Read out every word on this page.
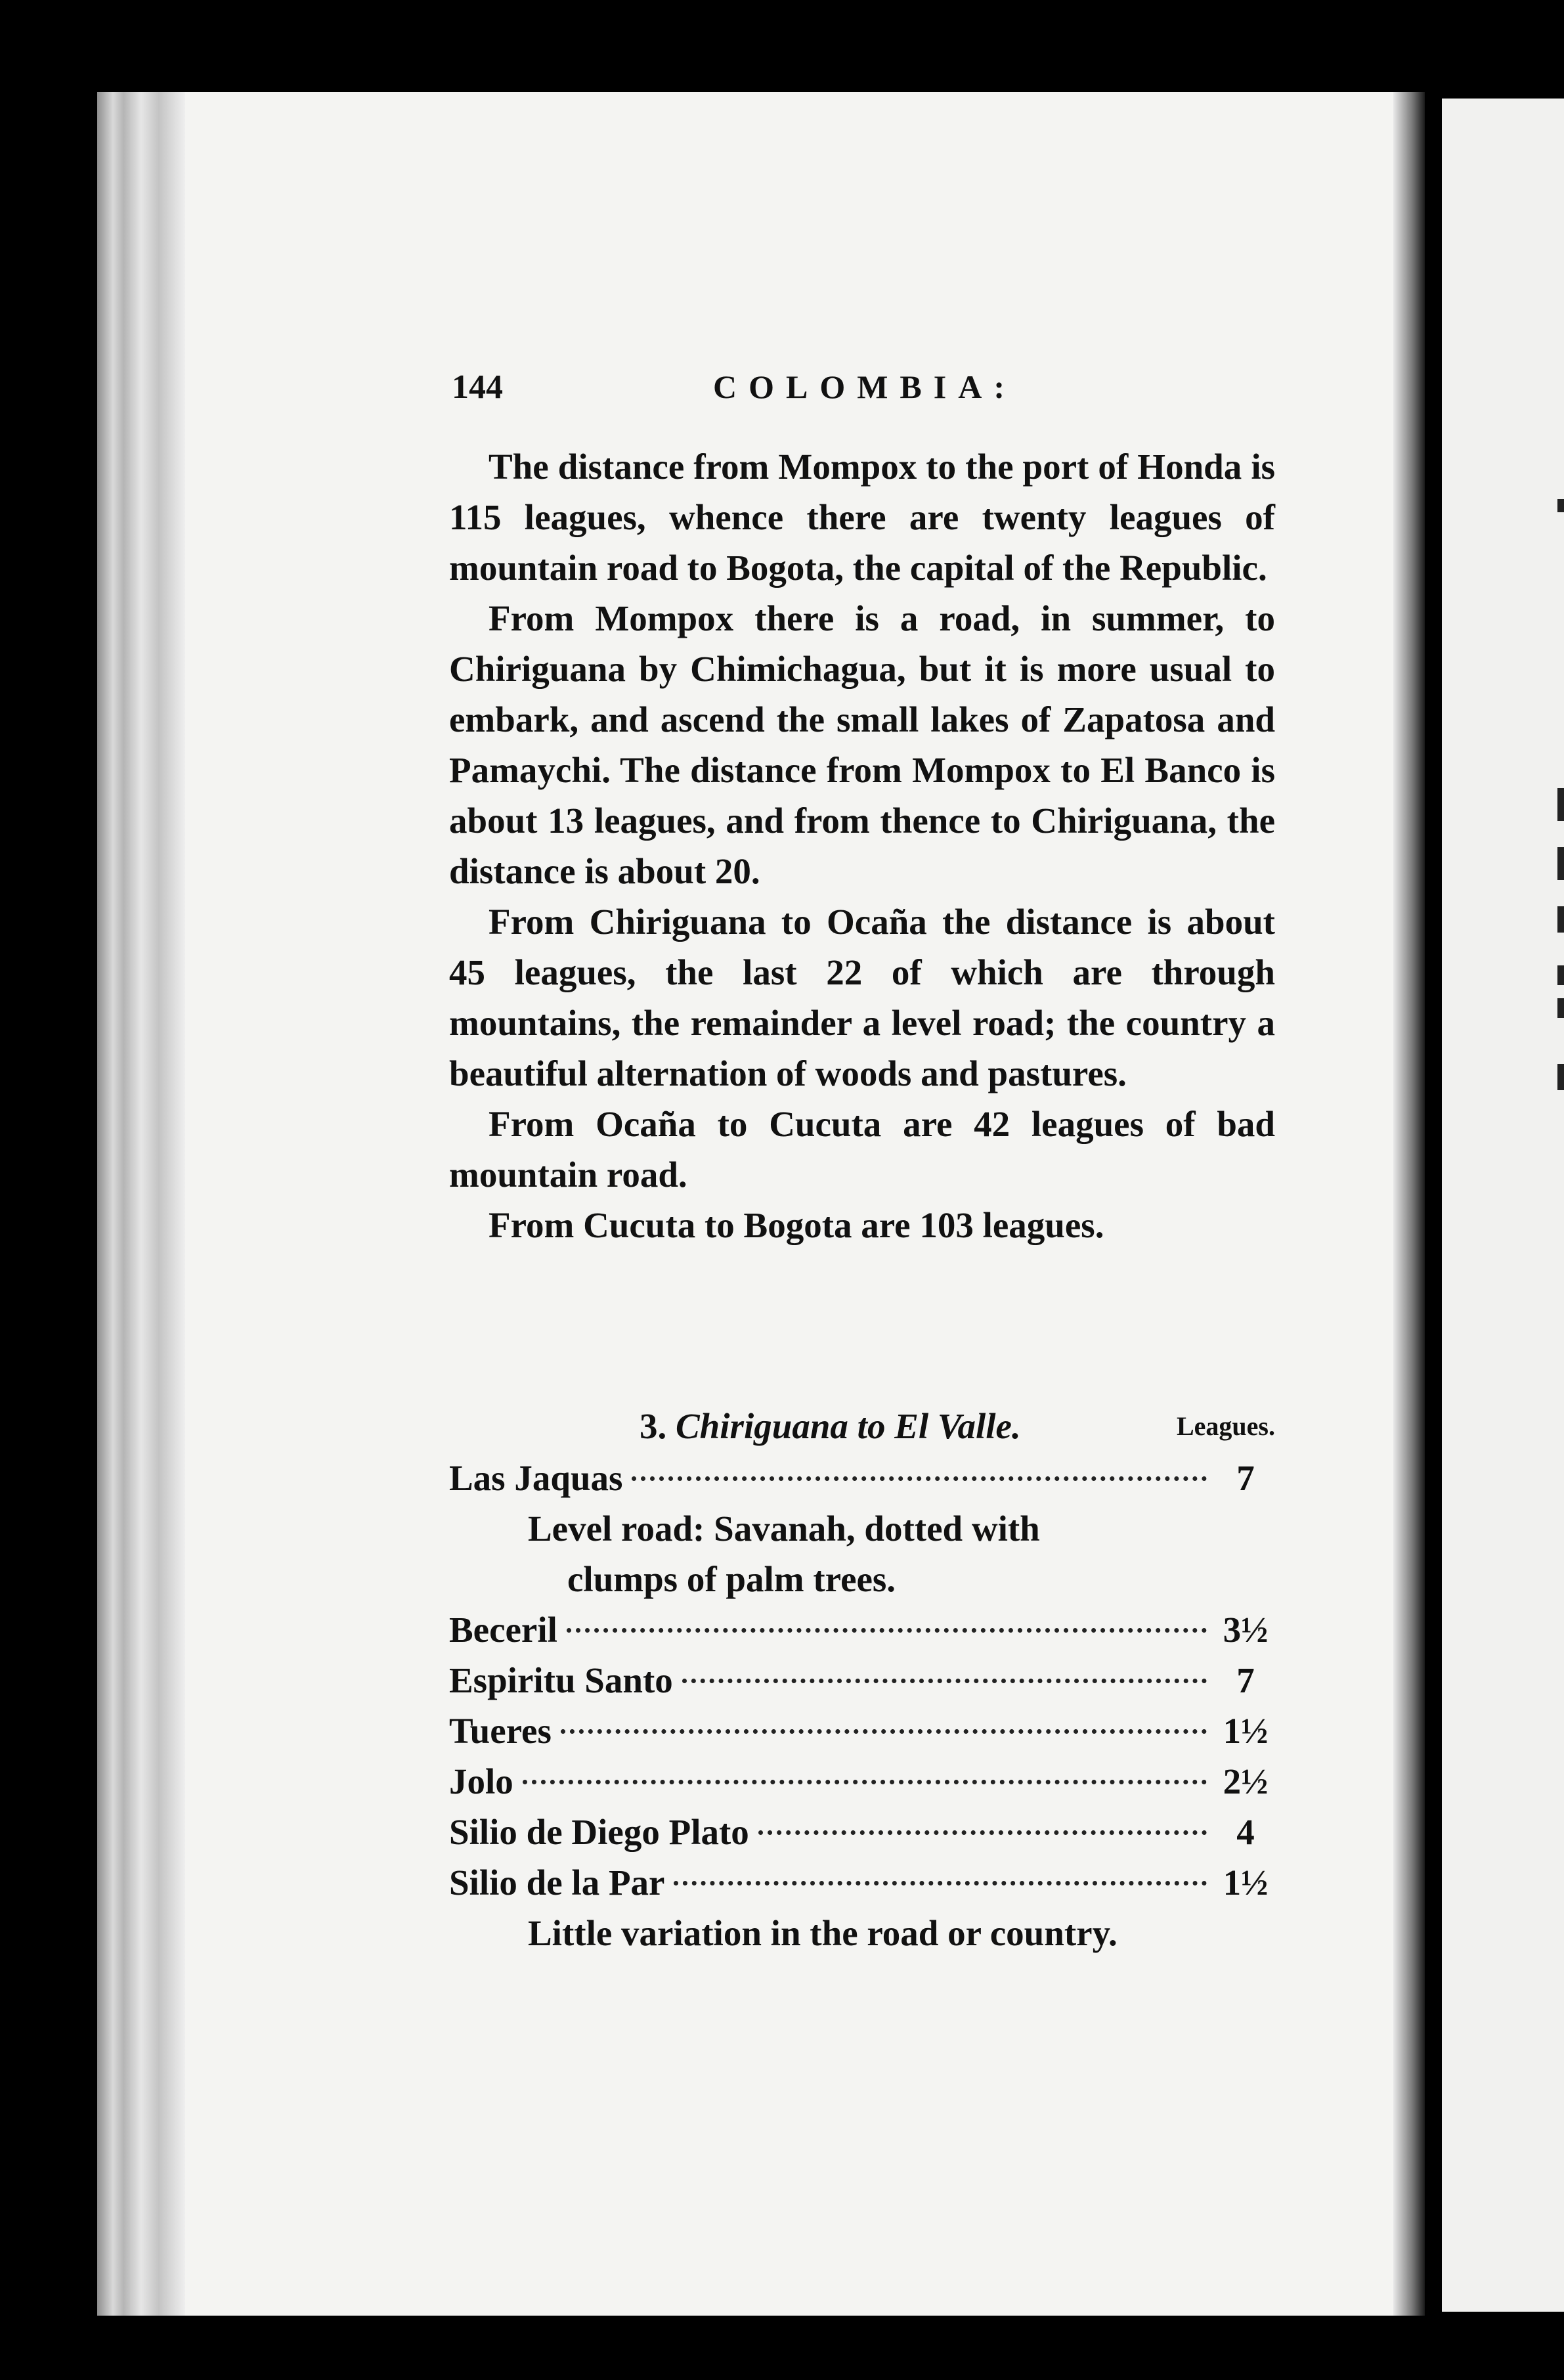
144	COLOMBIA:

The distance from Mompox to the port of Honda is 115 leagues, whence there are twenty leagues of mountain road to Bogota, the capital of the Republic.

From Mompox there is a road, in summer, to Chiriguana by Chimichagua, but it is more usual to embark, and ascend the small lakes of Zapatosa and Pamaychi. The distance from Mompox to El Banco is about 13 leagues, and from thence to Chiriguana, the distance is about 20.

From Chiriguana to Ocaña the distance is about 45 leagues, the last 22 of which are through mountains, the remainder a level road; the country a beautiful alternation of woods and pastures.

From Ocaña to Cucuta are 42 leagues of bad mountain road.

From Cucuta to Bogota are 103 leagues.

3. Chiriguana to El Valle.	Leagues.
Las Jaquas	7
Level road: Savanah, dotted with
clumps of palm trees.
Beceril	3½
Espiritu Santo	7
Tueres	1½
Jolo	2½
Silio de Diego Plato	4
Silio de la Par	1½
Little variation in the road or country.
